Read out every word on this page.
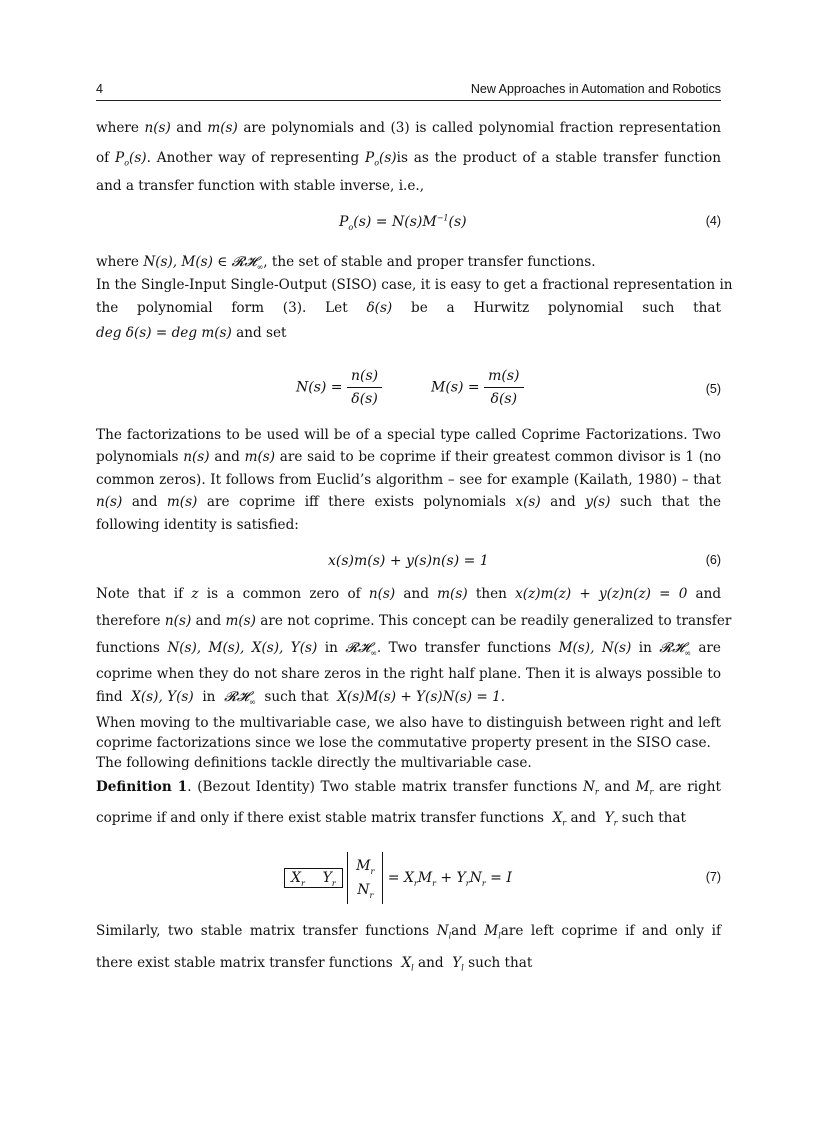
4	New Approaches in Automation and Robotics
where n(s) and m(s) are polynomials and (3) is called polynomial fraction representation
of $P_o(s)$. Another way of representing $P_o(s)is$ as the product of a stable transfer function
and a transfer function with stable inverse, i.e.,
$P_o(s) = N(s)M^{-1}(s)$	(4)
where N(s), M(s) ∈ 𝓡𝓗$_\infty$, the set of stable and proper transfer functions.
In the Single-Input Single-Output (SISO) case, it is easy to get a fractional representation in
the polynomial form (3). Let δ(s) be a Hurwitz polynomial such that
deg δ(s) = deg m(s) and set
$N(s) = \frac{n(s)}{\delta(s)}$	$M(s) = \frac{m(s)}{\delta(s)}$	(5)
The factorizations to be used will be of a special type called Coprime Factorizations. Two
polynomials n(s) and m(s) are said to be coprime if their greatest common divisor is 1 (no
common zeros). It follows from Euclid’s algorithm – see for example (Kailath, 1980) – that
n(s) and m(s) are coprime iff there exists polynomials x(s) and y(s) such that the
following identity is satisfied:
x(s)m(s) + y(s)n(s) = 1	(6)
Note that if z is a common zero of n(s) and m(s) then x(z)m(z) + y(z)n(z) = 0 and
therefore n(s) and m(s) are not coprime. This concept can be readily generalized to transfer
functions N(s), M(s), X(s), Y(s) in 𝓡𝓗$_\infty$. Two transfer functions M(s), N(s) in 𝓡𝓗$_\infty$ are
coprime when they do not share zeros in the right half plane. Then it is always possible to
find X(s), Y(s) in 𝓡𝓗$_\infty$ such that X(s)M(s) + Y(s)N(s) = 1.
When moving to the multivariable case, we also have to distinguish between right and left
coprime factorizations since we lose the commutative property present in the SISO case.
The following definitions tackle directly the multivariable case.
Definition 1. (Bezout Identity) Two stable matrix transfer functions $N_r$ and $M_r$ are right
coprime if and only if there exist stable matrix transfer functions $X_r$ and $Y_r$ such that
$X_r$ $Y_r$
$M_r$
$N_r$
= $X_rM_r + Y_rN_r = I$	(7)
Similarly, two stable matrix transfer functions $N_land$ $M_lare$ left coprime if and only if
there exist stable matrix transfer functions $X_l$ and $Y_l$ such that
